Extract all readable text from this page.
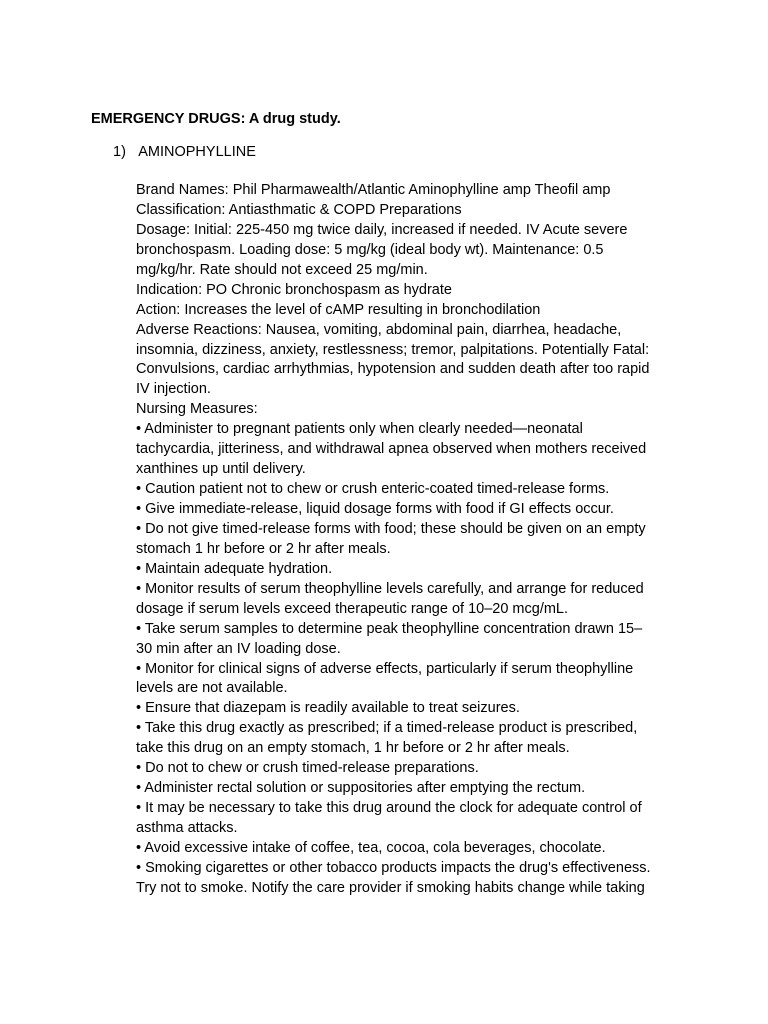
EMERGENCY DRUGS: A drug study.
1) AMINOPHYLLINE
Brand Names: Phil Pharmawealth/Atlantic Aminophylline amp Theofil amp
Classification: Antiasthmatic & COPD Preparations
Dosage: Initial: 225-450 mg twice daily, increased if needed. IV Acute severe
bronchospasm. Loading dose: 5 mg/kg (ideal body wt). Maintenance: 0.5
mg/kg/hr. Rate should not exceed 25 mg/min.
Indication: PO Chronic bronchospasm as hydrate
Action: Increases the level of cAMP resulting in bronchodilation
Adverse Reactions: Nausea, vomiting, abdominal pain, diarrhea, headache,
insomnia, dizziness, anxiety, restlessness; tremor, palpitations. Potentially Fatal:
Convulsions, cardiac arrhythmias, hypotension and sudden death after too rapid
IV injection.
Nursing Measures:
• Administer to pregnant patients only when clearly needed—neonatal
tachycardia, jitteriness, and withdrawal apnea observed when mothers received
xanthines up until delivery.
• Caution patient not to chew or crush enteric-coated timed-release forms.
• Give immediate-release, liquid dosage forms with food if GI effects occur.
• Do not give timed-release forms with food; these should be given on an empty
stomach 1 hr before or 2 hr after meals.
• Maintain adequate hydration.
• Monitor results of serum theophylline levels carefully, and arrange for reduced
dosage if serum levels exceed therapeutic range of 10–20 mcg/mL.
• Take serum samples to determine peak theophylline concentration drawn 15–
30 min after an IV loading dose.
• Monitor for clinical signs of adverse effects, particularly if serum theophylline
levels are not available.
• Ensure that diazepam is readily available to treat seizures.
• Take this drug exactly as prescribed; if a timed-release product is prescribed,
take this drug on an empty stomach, 1 hr before or 2 hr after meals.
• Do not to chew or crush timed-release preparations.
• Administer rectal solution or suppositories after emptying the rectum.
• It may be necessary to take this drug around the clock for adequate control of
asthma attacks.
• Avoid excessive intake of coffee, tea, cocoa, cola beverages, chocolate.
• Smoking cigarettes or other tobacco products impacts the drug's effectiveness.
Try not to smoke. Notify the care provider if smoking habits change while taking
